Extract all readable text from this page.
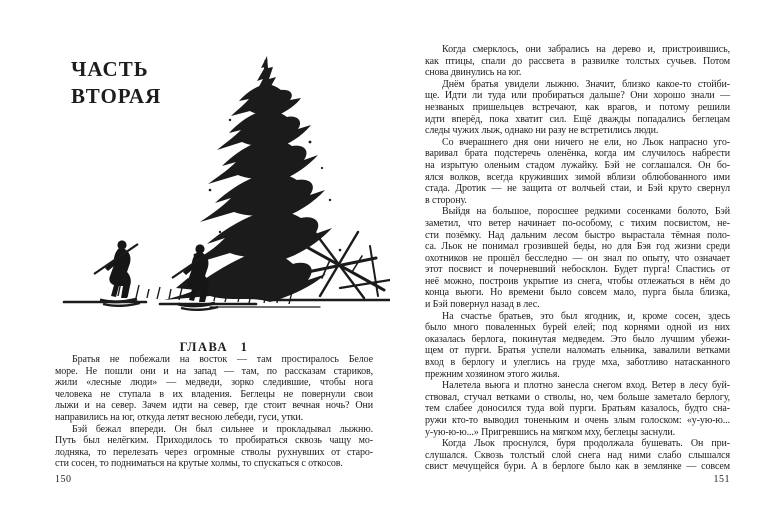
ЧАСТЬ
ВТОРАЯ
ГЛАВА 1
Братья не побежали на восток — там простиралось Белое
море. Не пошли они и на запад — там, по рассказам стариков,
жили «лесные люди» — медведи, зорко следившие, чтобы нога
человека не ступала в их владения. Беглецы не повернули свои
лыжи и на север. Зачем идти на север, где стоит вечная ночь? Они
направились на юг, откуда летят весною лебеди, гуси, утки.
Бэй бежал впереди. Он был сильнее и прокладывал лыжню.
Путь был нелёгким. Приходилось то пробираться сквозь чащу мо-
лодняка, то перелезать через огромные стволы рухнувших от старо-
сти сосен, то подниматься на крутые холмы, то спускаться с откосов.
150
Когда смерклось, они забрались на дерево и, пристроившись,
как птицы, спали до рассвета в развилке толстых сучьев. Потом
снова двинулись на юг.
Днём братья увидели лыжню. Значит, близко какое-то стойби-
ще. Идти ли туда или пробираться дальше? Они хорошо знали —
незваных пришельцев встречают, как врагов, и потому решили
идти вперёд, пока хватит сил. Ещё дважды попадались беглецам
следы чужих лыж, однако ни разу не встретились люди.
Со вчерашнего дня они ничего не ели, но Льок напрасно уго-
варивал брата подстеречь оленёнка, когда им случилось набрести
на изрытую оленьим стадом лужайку. Бэй не соглашался. Он бо-
ялся волков, всегда круживших зимой вблизи облюбованного ими
стада. Дротик — не защита от волчьей стаи, и Бэй круто свернул
в сторону.
Выйдя на большое, поросшее редкими сосенками болото, Бэй
заметил, что ветер начинает по-особому, с тихим посвистом, не-
сти позёмку. Над дальним лесом быстро вырастала тёмная поло-
са. Льок не понимал грозившей беды, но для Бэя год жизни среди
охотников не прошёл бесследно — он знал по опыту, что означает
этот посвист и почерневший небосклон. Будет пурга! Спастись от
неё можно, построив укрытие из снега, чтобы отлежаться в нём до
конца вьюги. Но времени было совсем мало, пурга была близка,
и Бэй повернул назад в лес.
На счастье братьев, это был ягодник, и, кроме сосен, здесь
было много поваленных бурей елей; под корнями одной из них
оказалась берлога, покинутая медведем. Это было лучшим убежи-
щем от пурги. Братья успели наломать ельника, завалили ветками
вход в берлогу и улеглись на груде мха, заботливо натасканного
прежним хозяином этого жилья.
Налетела вьюга и плотно занесла снегом вход. Ветер в лесу буй-
ствовал, стучал ветками о стволы, но, чем больше заметало берлогу,
тем слабее доносился туда вой пурги. Братьям казалось, будто сна-
ружи кто-то выводил тоненьким и очень злым голоском: «у-ую-ю...
у-ую-ю-ю...» Пригревшись на мягком мху, беглецы заснули.
Когда Льок проснулся, буря продолжала бушевать. Он при-
слушался. Сквозь толстый слой снега над ними слабо слышался
свист мечущейся бури. А в берлоге было как в землянке — совсем
151
